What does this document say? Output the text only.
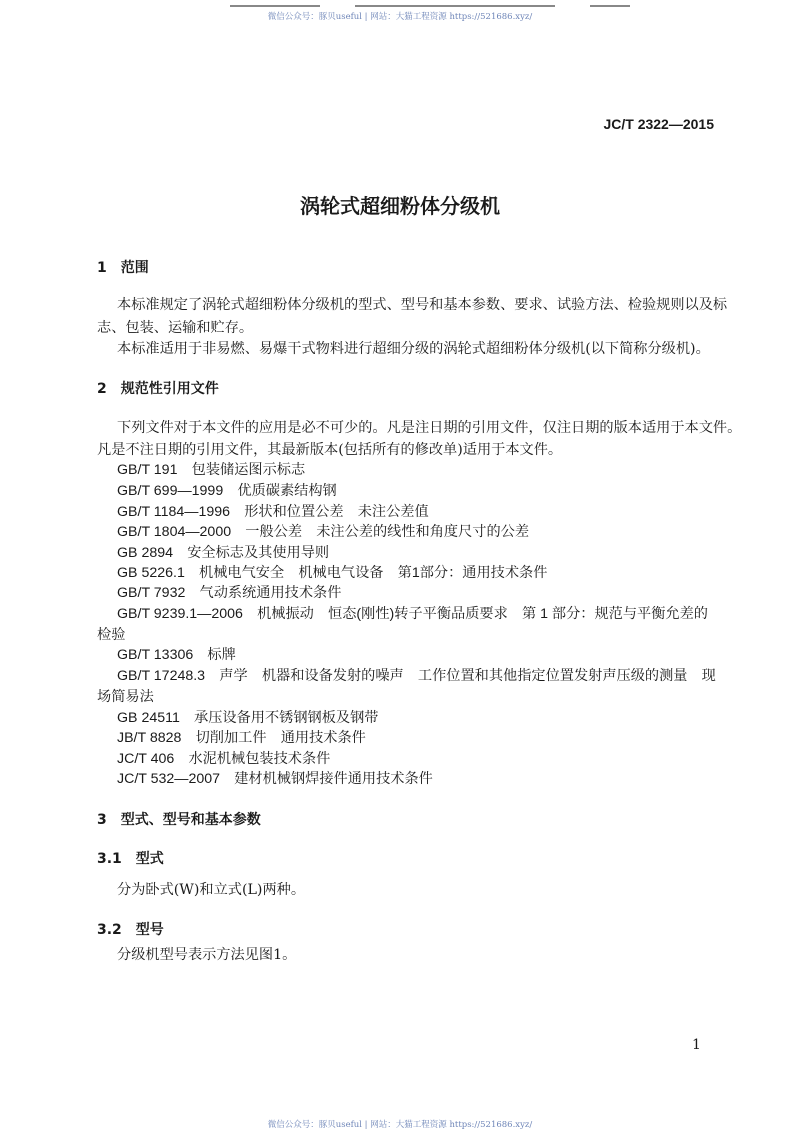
微信公众号：豚贝useful | 网站：大猫工程资源 https://521686.xyz/
JC/T 2322—2015
涡轮式超细粉体分级机
1　范围
本标准规定了涡轮式超细粉体分级机的型式、型号和基本参数、要求、试验方法、检验规则以及标
志、包装、运输和贮存。
本标准适用于非易燃、易爆干式物料进行超细分级的涡轮式超细粉体分级机(以下简称分级机)。
2　规范性引用文件
下列文件对于本文件的应用是必不可少的。凡是注日期的引用文件，仅注日期的版本适用于本文件。
凡是不注日期的引用文件，其最新版本(包括所有的修改单)适用于本文件。
GB/T 191　包装储运图示标志
GB/T 699—1999　优质碳素结构钢
GB/T 1184—1996　形状和位置公差　未注公差值
GB/T 1804—2000　一般公差　未注公差的线性和角度尺寸的公差
GB 2894　安全标志及其使用导则
GB 5226.1　机械电气安全　机械电气设备　第1部分：通用技术条件
GB/T 7932　气动系统通用技术条件
GB/T 9239.1—2006　机械振动　恒态(刚性)转子平衡品质要求　第 1 部分：规范与平衡允差的
检验
GB/T 13306　标牌
GB/T 17248.3　声学　机器和设备发射的噪声　工作位置和其他指定位置发射声压级的测量　现
场简易法
GB 24511　承压设备用不锈钢钢板及钢带
JB/T 8828　切削加工件　通用技术条件
JC/T 406　水泥机械包装技术条件
JC/T 532—2007　建材机械钢焊接件通用技术条件
3　型式、型号和基本参数
3.1　型式
分为卧式(W)和立式(L)两种。
3.2　型号
分级机型号表示方法见图1。
1
微信公众号：豚贝useful | 网站：大猫工程资源 https://521686.xyz/
